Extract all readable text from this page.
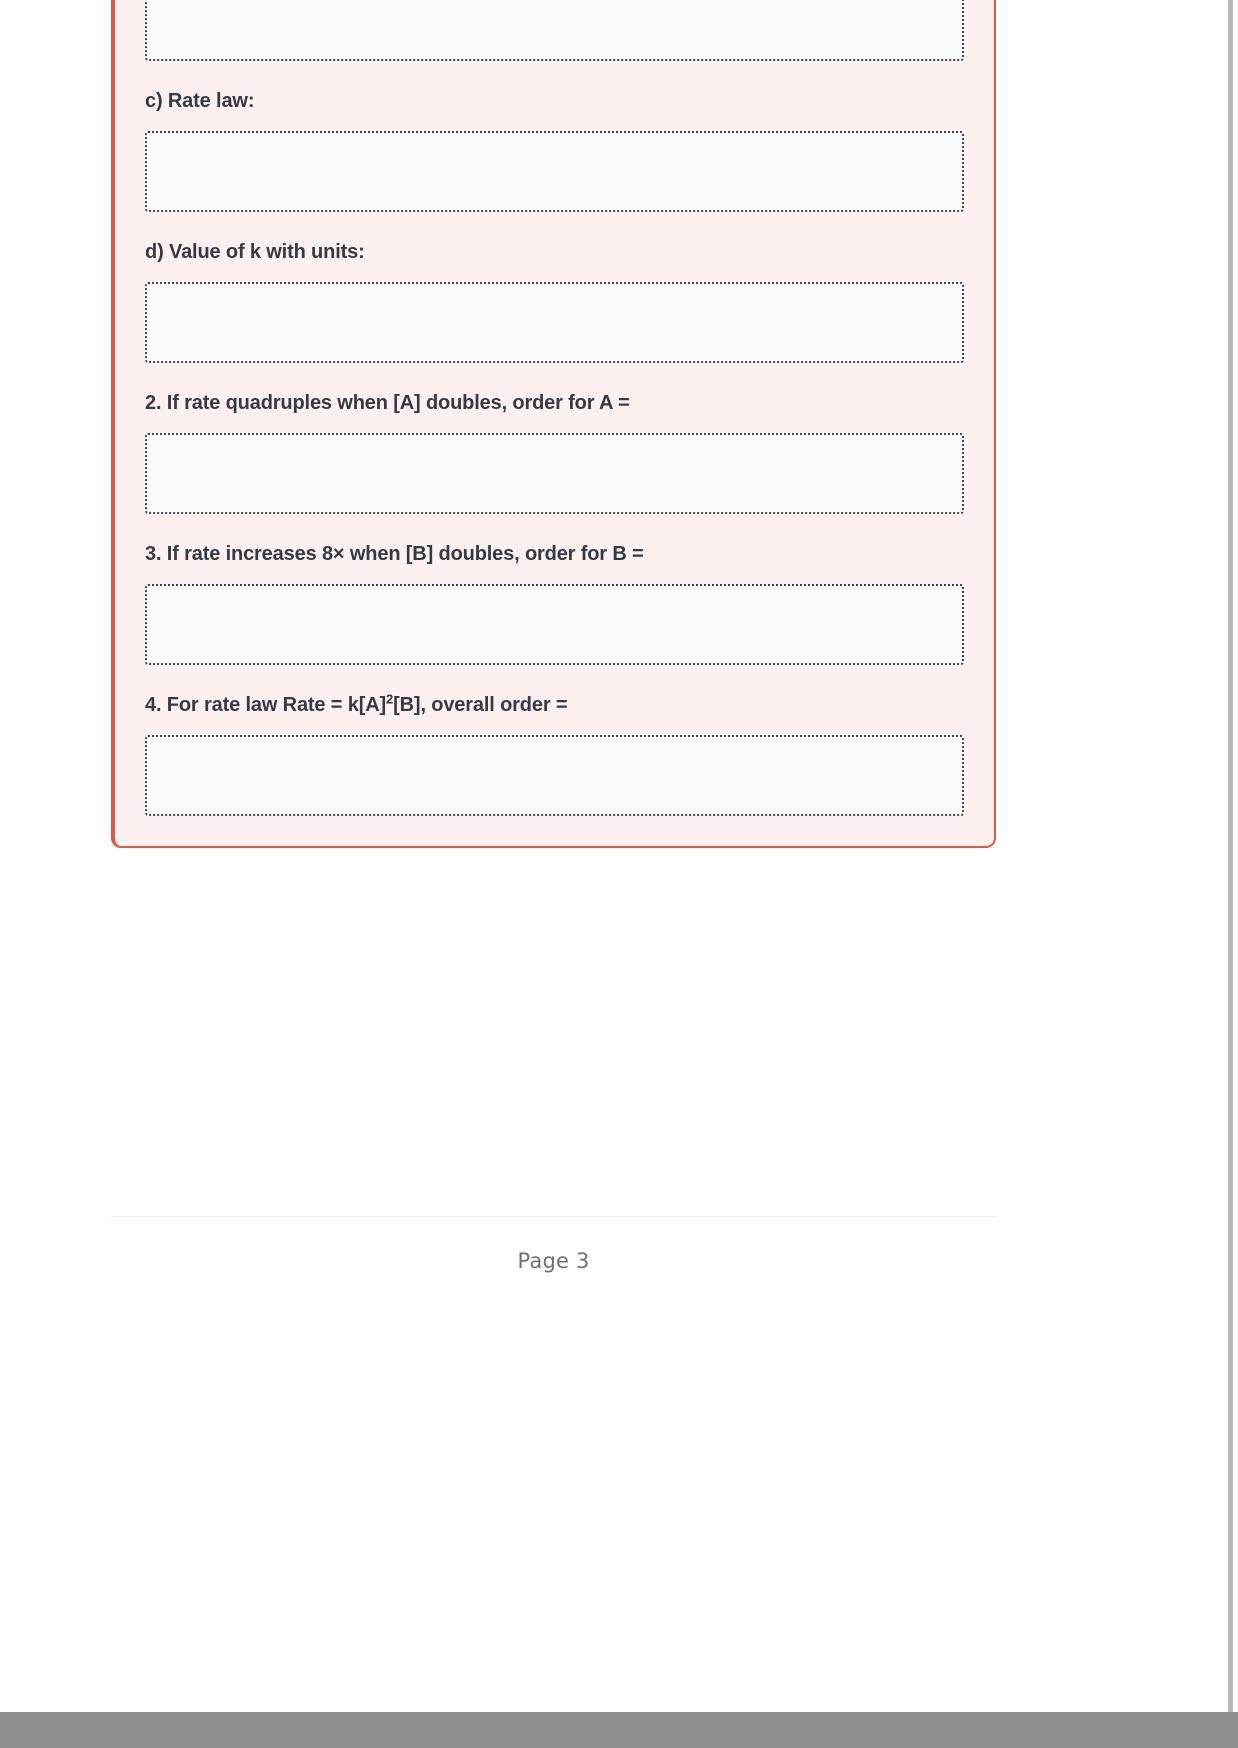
c) Rate law:
d) Value of k with units:
2. If rate quadruples when [A] doubles, order for A =
3. If rate increases 8× when [B] doubles, order for B =
4. For rate law Rate = $k[A]^2[B]$, overall order =
Page 3
